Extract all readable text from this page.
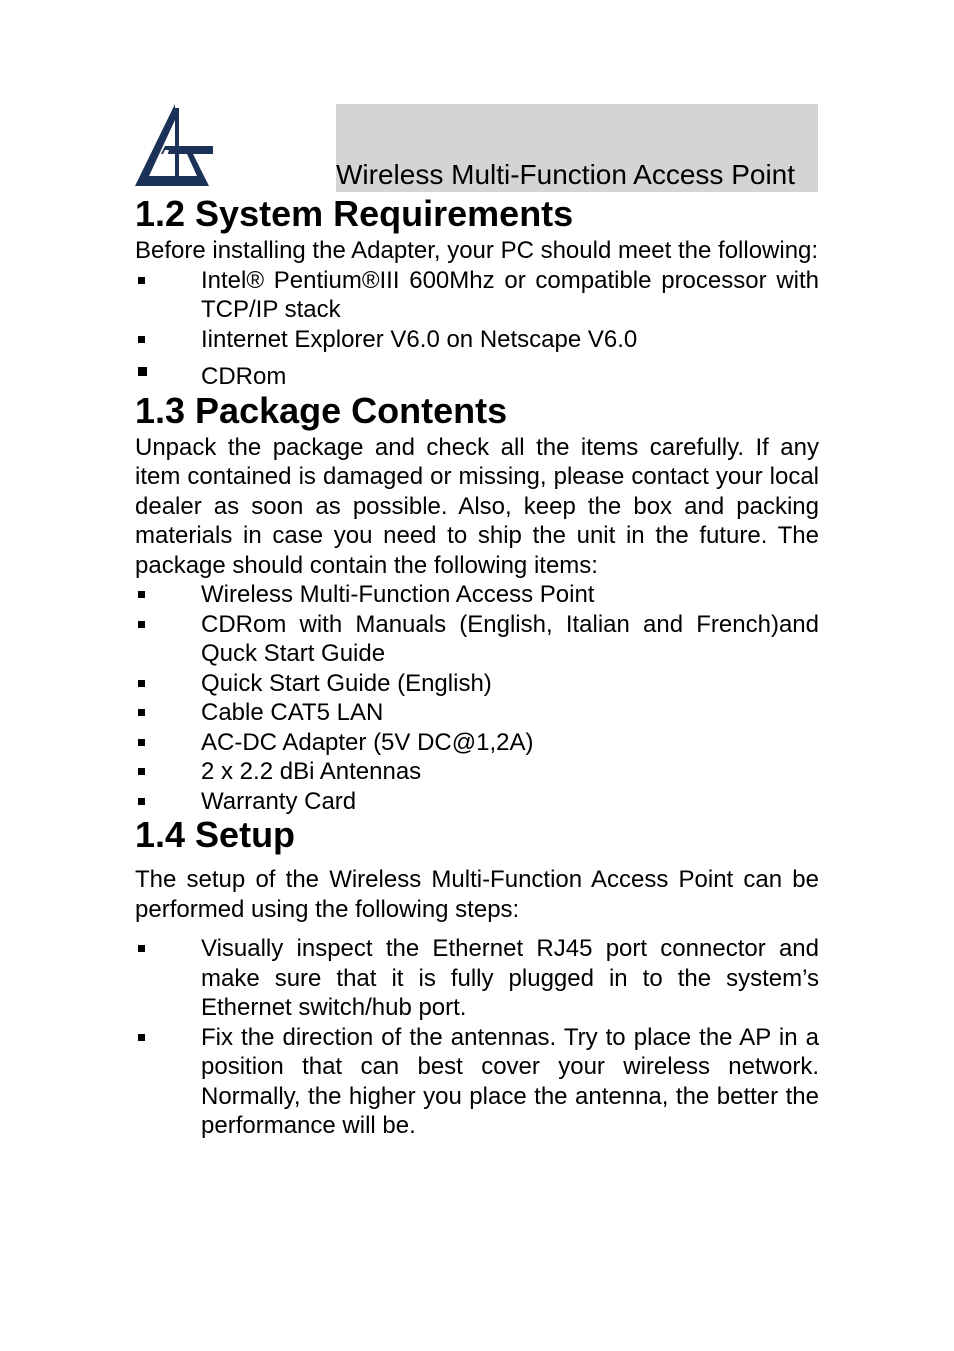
Wireless Multi-Function Access Point
1.2 System Requirements

Before installing the Adapter, your PC should meet the following:

Intel® Pentium®III 600Mhz or compatible processor with TCP/IP stack
Iinternet Explorer V6.0 on Netscape V6.0
CDRom
1.3 Package Contents

Unpack the package and check all the items carefully. If any item contained is damaged or missing, please contact your local dealer as soon as possible. Also, keep the box and packing materials in case you need to ship the unit in the future. The package should contain the following items:

Wireless Multi-Function Access Point
CDRom with Manuals (English, Italian and French)and Quck Start Guide
Quick Start Guide (English)
Cable CAT5 LAN
AC-DC Adapter (5V DC@1,2A)
2 x 2.2 dBi Antennas
Warranty Card
1.4 Setup

The setup of the Wireless Multi-Function Access Point can be performed using the following steps:

Visually inspect the Ethernet RJ45 port connector and make sure that it is fully plugged in to the system’s Ethernet switch/hub port.
Fix the direction of the antennas. Try to place the AP in a position that can best cover your wireless network. Normally, the higher you place the antenna, the better the performance will be.
